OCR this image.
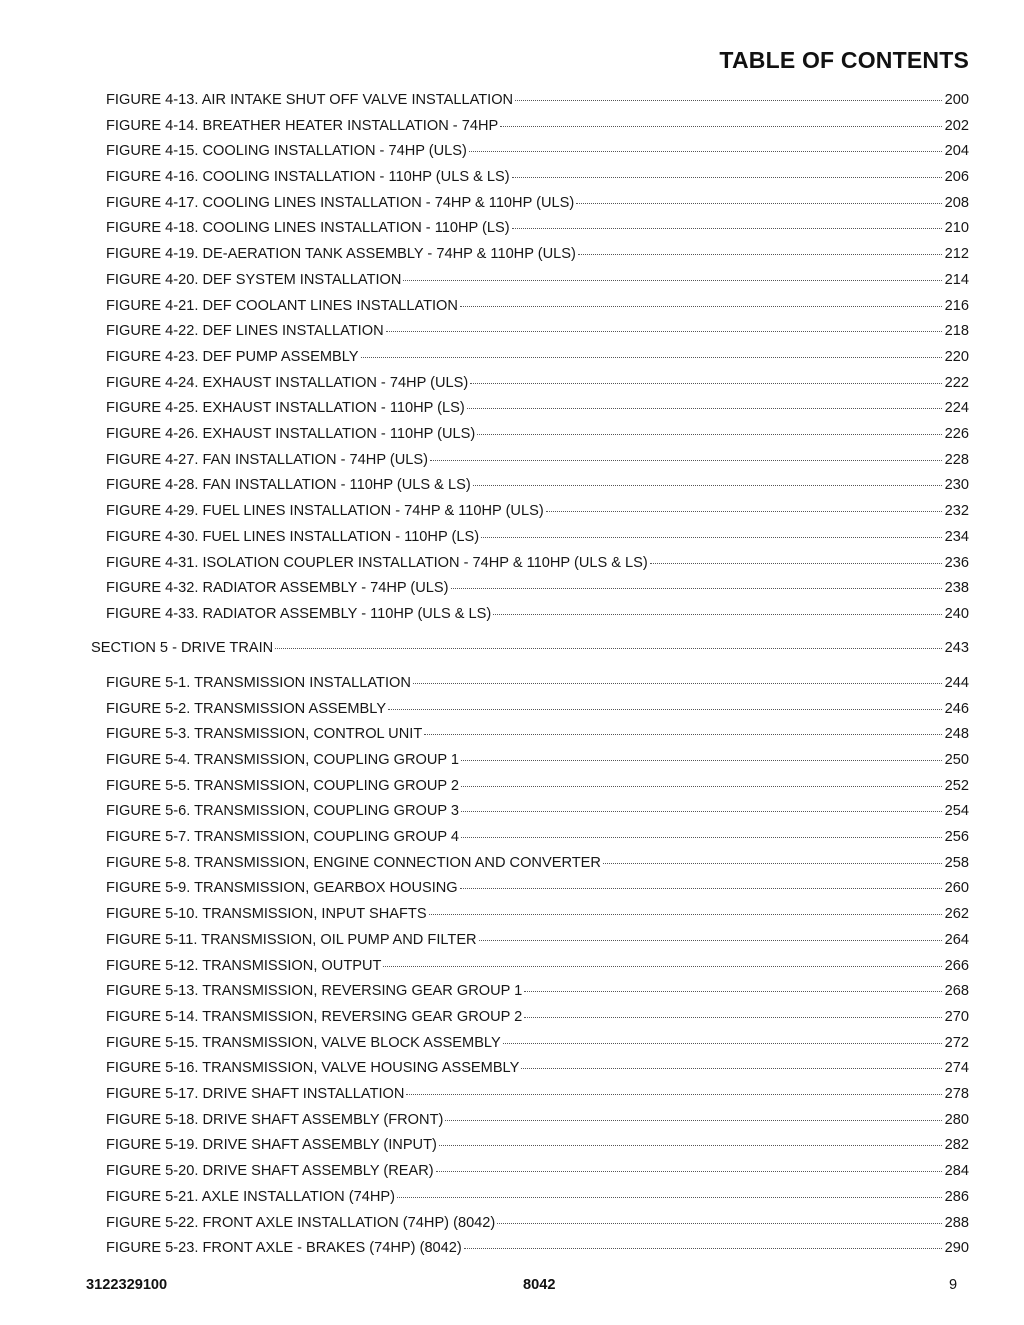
TABLE OF CONTENTS
FIGURE 4-13. AIR INTAKE SHUT OFF VALVE INSTALLATION	200
FIGURE 4-14. BREATHER HEATER INSTALLATION - 74HP	202
FIGURE 4-15. COOLING INSTALLATION - 74HP (ULS)	204
FIGURE 4-16. COOLING INSTALLATION - 110HP (ULS & LS)	206
FIGURE 4-17. COOLING LINES INSTALLATION - 74HP & 110HP (ULS)	208
FIGURE 4-18. COOLING LINES INSTALLATION - 110HP (LS)	210
FIGURE 4-19. DE-AERATION TANK ASSEMBLY - 74HP & 110HP (ULS)	212
FIGURE 4-20. DEF SYSTEM INSTALLATION	214
FIGURE 4-21. DEF COOLANT LINES INSTALLATION	216
FIGURE 4-22. DEF LINES INSTALLATION	218
FIGURE 4-23. DEF PUMP ASSEMBLY	220
FIGURE 4-24. EXHAUST INSTALLATION - 74HP (ULS)	222
FIGURE 4-25. EXHAUST INSTALLATION - 110HP (LS)	224
FIGURE 4-26. EXHAUST INSTALLATION - 110HP (ULS)	226
FIGURE 4-27. FAN INSTALLATION - 74HP (ULS)	228
FIGURE 4-28. FAN INSTALLATION - 110HP (ULS & LS)	230
FIGURE 4-29. FUEL LINES INSTALLATION - 74HP & 110HP (ULS)	232
FIGURE 4-30. FUEL LINES INSTALLATION - 110HP (LS)	234
FIGURE 4-31. ISOLATION COUPLER INSTALLATION - 74HP & 110HP (ULS & LS)	236
FIGURE 4-32. RADIATOR ASSEMBLY - 74HP (ULS)	238
FIGURE 4-33. RADIATOR ASSEMBLY - 110HP (ULS & LS)	240
SECTION 5 - DRIVE TRAIN	243
FIGURE 5-1. TRANSMISSION INSTALLATION	244
FIGURE 5-2. TRANSMISSION ASSEMBLY	246
FIGURE 5-3. TRANSMISSION, CONTROL UNIT	248
FIGURE 5-4. TRANSMISSION, COUPLING GROUP 1	250
FIGURE 5-5. TRANSMISSION, COUPLING GROUP 2	252
FIGURE 5-6. TRANSMISSION, COUPLING GROUP 3	254
FIGURE 5-7. TRANSMISSION, COUPLING GROUP 4	256
FIGURE 5-8. TRANSMISSION, ENGINE CONNECTION AND CONVERTER	258
FIGURE 5-9. TRANSMISSION, GEARBOX HOUSING	260
FIGURE 5-10. TRANSMISSION, INPUT SHAFTS	262
FIGURE 5-11. TRANSMISSION, OIL PUMP AND FILTER	264
FIGURE 5-12. TRANSMISSION, OUTPUT	266
FIGURE 5-13. TRANSMISSION, REVERSING GEAR GROUP 1	268
FIGURE 5-14. TRANSMISSION, REVERSING GEAR GROUP 2	270
FIGURE 5-15. TRANSMISSION, VALVE BLOCK ASSEMBLY	272
FIGURE 5-16. TRANSMISSION, VALVE HOUSING ASSEMBLY	274
FIGURE 5-17. DRIVE SHAFT INSTALLATION	278
FIGURE 5-18. DRIVE SHAFT ASSEMBLY (FRONT)	280
FIGURE 5-19. DRIVE SHAFT ASSEMBLY (INPUT)	282
FIGURE 5-20. DRIVE SHAFT ASSEMBLY (REAR)	284
FIGURE 5-21. AXLE INSTALLATION (74HP)	286
FIGURE 5-22. FRONT AXLE INSTALLATION (74HP) (8042)	288
FIGURE 5-23. FRONT AXLE - BRAKES (74HP) (8042)	290
3122329100	8042	9
